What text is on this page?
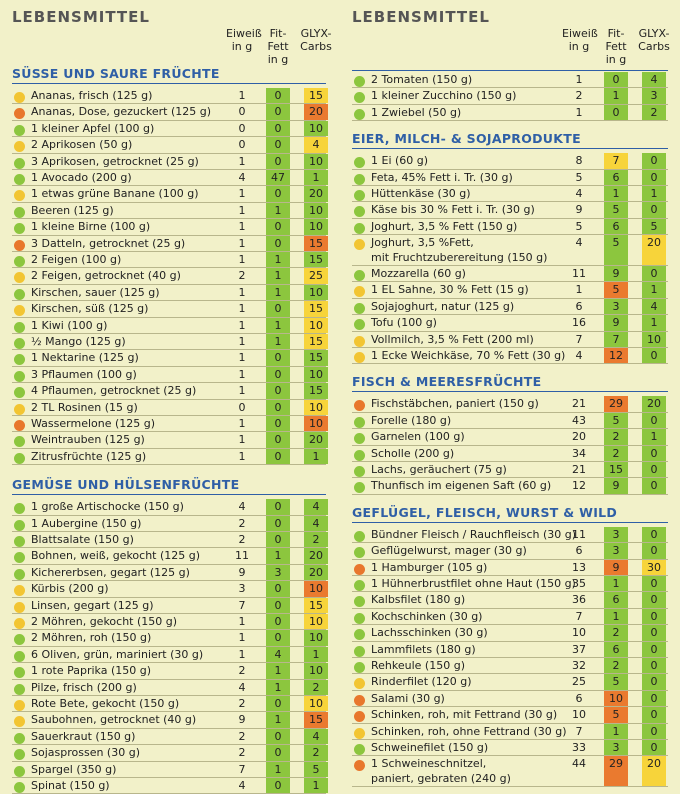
LEBENSMITTEL
Eiweiß
in g
Fit-Fett
in g
GLYX-
Carbs
SÜSSE UND SAURE FRÜCHTE
Ananas, frisch (125 g)	1	0	15
Ananas, Dose, gezuckert (125 g)	0	0	20
1 kleiner Apfel (100 g)	0	0	10
2 Aprikosen (50 g)	0	0	4
3 Aprikosen, getrocknet (25 g)	1	0	10
1 Avocado (200 g)	4	47	1
1 etwas grüne Banane (100 g)	1	0	20
Beeren (125 g)	1	1	10
1 kleine Birne (100 g)	1	0	10
3 Datteln, getrocknet (25 g)	1	0	15
2 Feigen (100 g)	1	1	15
2 Feigen, getrocknet (40 g)	2	1	25
Kirschen, sauer (125 g)	1	1	10
Kirschen, süß (125 g)	1	0	15
1 Kiwi (100 g)	1	1	10
½ Mango (125 g)	1	1	15
1 Nektarine (125 g)	1	0	15
3 Pflaumen (100 g)	1	0	10
4 Pflaumen, getrocknet (25 g)	1	0	15
2 TL Rosinen (15 g)	0	0	10
Wassermelone (125 g)	1	0	10
Weintrauben (125 g)	1	0	20
Zitrusfrüchte (125 g)	1	0	1
GEMÜSE UND HÜLSENFRÜCHTE
1 große Artischocke (150 g)	4	0	4
1 Aubergine (150 g)	2	0	4
Blattsalate (150 g)	2	0	2
Bohnen, weiß, gekocht (125 g)	11	1	20
Kichererbsen, gegart (125 g)	9	3	20
Kürbis (200 g)	3	0	10
Linsen, gegart (125 g)	7	0	15
2 Möhren, gekocht (150 g)	1	0	10
2 Möhren, roh (150 g)	1	0	10
6 Oliven, grün, mariniert (30 g)	1	4	1
1 rote Paprika (150 g)	2	1	10
Pilze, frisch (200 g)	4	1	2
Rote Bete, gekocht (150 g)	2	0	10
Saubohnen, getrocknet (40 g)	9	1	15
Sauerkraut (150 g)	2	0	4
Sojasprossen (30 g)	2	0	2
Spargel (350 g)	7	1	5
Spinat (150 g)	4	0	1
LEBENSMITTEL
Eiweiß
in g
Fit-Fett
in g
GLYX-
Carbs
2 Tomaten (150 g)	1	0	4
1 kleiner Zucchino (150 g)	2	1	3
1 Zwiebel (50 g)	1	0	2
EIER, MILCH- & SOJAPRODUKTE
1 Ei (60 g)	8	7	0
Feta, 45% Fett i. Tr. (30 g)	5	6	0
Hüttenkäse (30 g)	4	1	1
Käse bis 30 % Fett i. Tr. (30 g)	9	5	0
Joghurt, 3,5 % Fett (150 g)	5	6	5
Joghurt, 3,5 %Fett,
mit Fruchtzuberereitung (150 g)
4	5	20
Mozzarella (60 g)	11	9	0
1 EL Sahne, 30 % Fett (15 g)	1	5	1
Sojajoghurt, natur (125 g)	6	3	4
Tofu (100 g)	16	9	1
Vollmilch, 3,5 % Fett (200 ml)	7	7	10
1 Ecke Weichkäse, 70 % Fett (30 g) 4	12	0
FISCH & MEERESFRÜCHTE
Fischstäbchen, paniert (150 g)	21	29	20
Forelle (180 g)	43	5	0
Garnelen (100 g)	20	2	1
Scholle (200 g)	34	2	0
Lachs, geräuchert (75 g)	21	15	0
Thunfisch im eigenen Saft (60 g)	12	9	0
GEFLÜGEL, FLEISCH, WURST & WILD
Bündner Fleisch / Rauchfleisch (30 g)
11	3	0
Geflügelwurst, mager (30 g)	6	3	0
1 Hamburger (105 g)	13	9	30
1 Hühnerbrustfilet ohne Haut (150 g)
35	1	0
Kalbsfilet (180 g)	36	6	0
Kochschinken (30 g)	7	1	0
Lachsschinken (30 g)	10	2	0
Lammfilets (180 g)	37	6	0
Rehkeule (150 g)	32	2	0
Rinderfilet (120 g)	25	5	0
Salami (30 g)	6	10	0
Schinken, roh, mit Fettrand (30 g)	10	5	0
Schinken, roh, ohne Fettrand (30 g) 7	1	0
Schweinefilet (150 g)	33	3	0
1 Schweineschnitzel,
paniert, gebraten (240 g)
44	29	20
